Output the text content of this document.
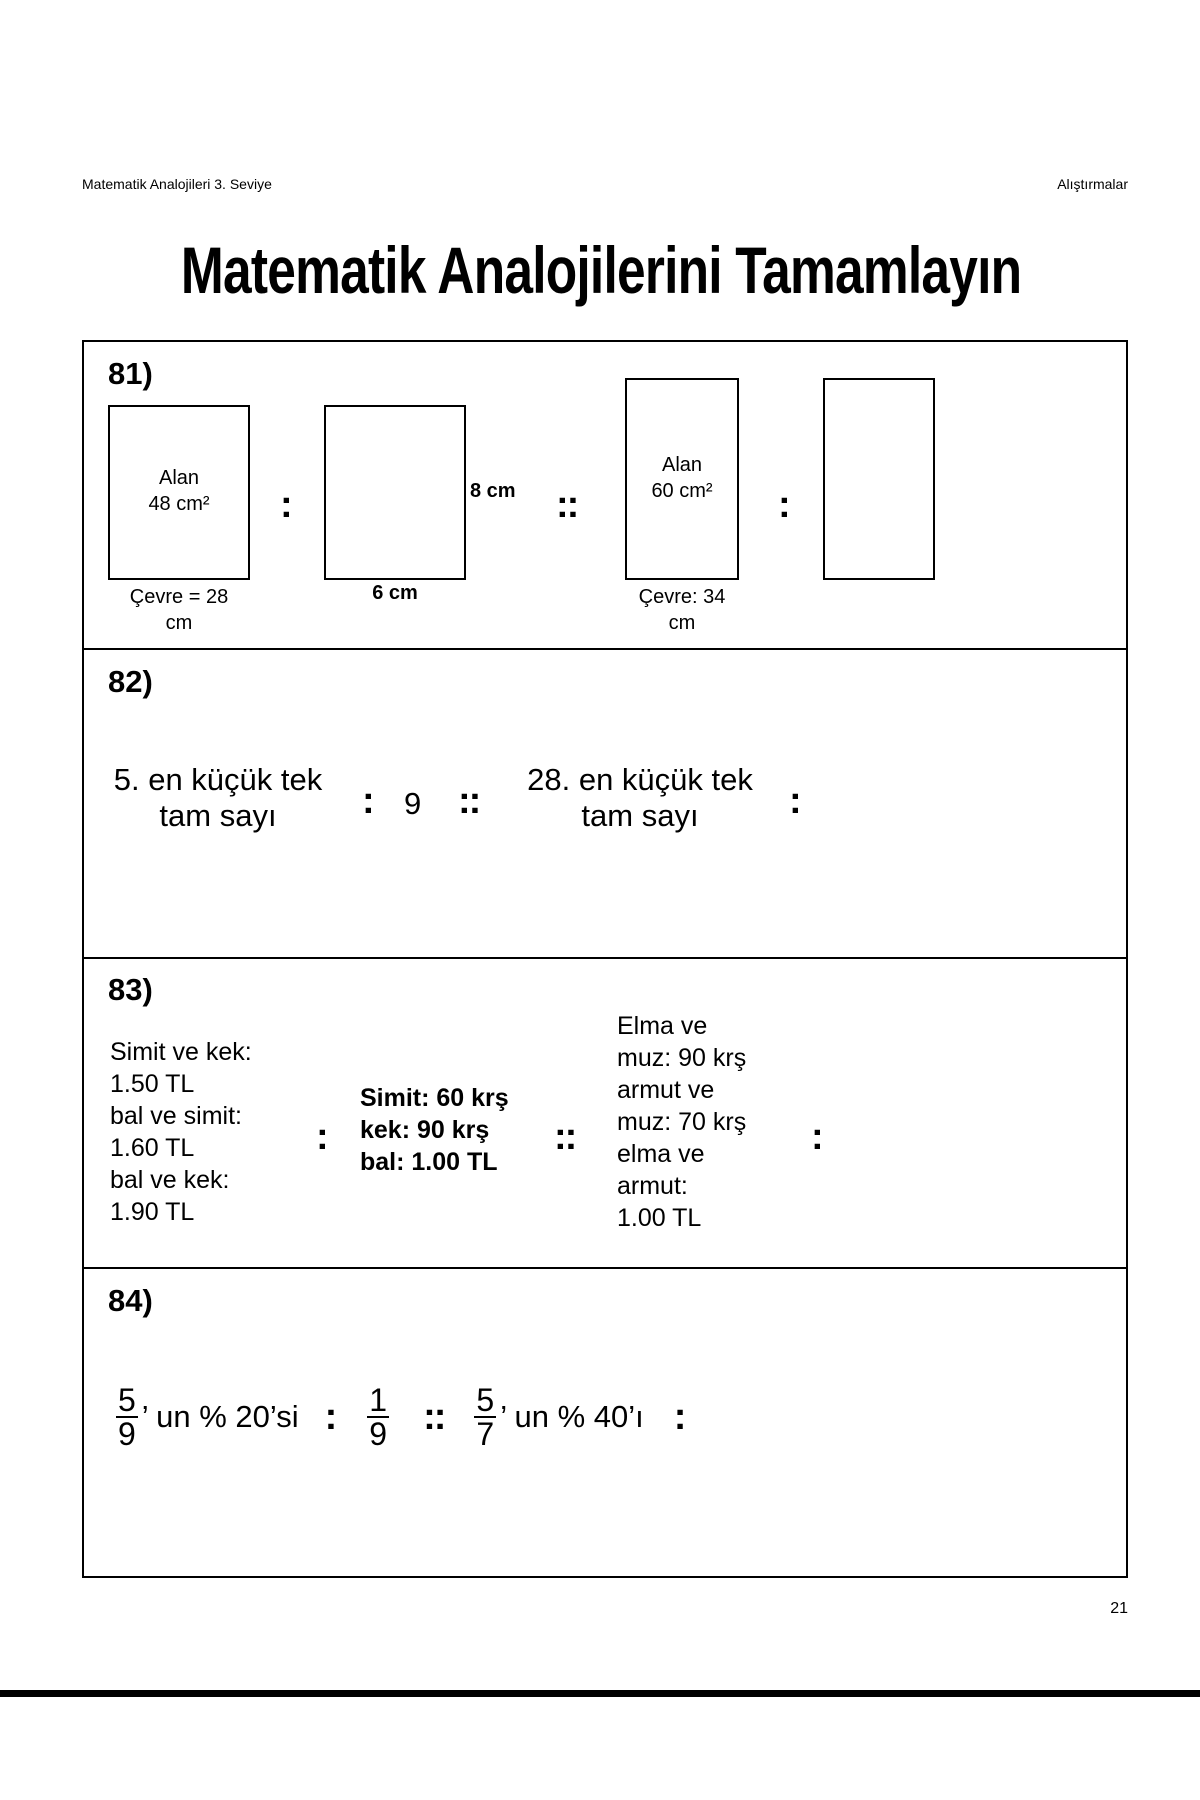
Matematik Analojileri 3. Seviye	Alıştırmalar
Matematik Analojilerini Tamamlayın
81)
Alan
48 cm²
Çevre = 28
cm
:	8 cm
6 cm
::
Alan
60 cm²
Çevre: 34
cm
:
82)
5. en küçük tek
tam sayı	: 9 ::
28. en küçük tek
tam sayı	:
83)
Simit ve kek:
1.50 TL
bal ve simit:
1.60 TL
bal ve kek:
1.90 TL
:
Simit: 60 krş
kek: 90 krş
bal: 1.00 TL
::
Elma ve
muz: 90 krş
armut ve
muz: 70 krş
elma ve
armut:
1.00 TL
:
84)
$\frac{5}{9}$ ’ un % 20’si : $\frac{1}{9}$ :: $\frac{5}{7}$ ’ un % 40’ı :
21
